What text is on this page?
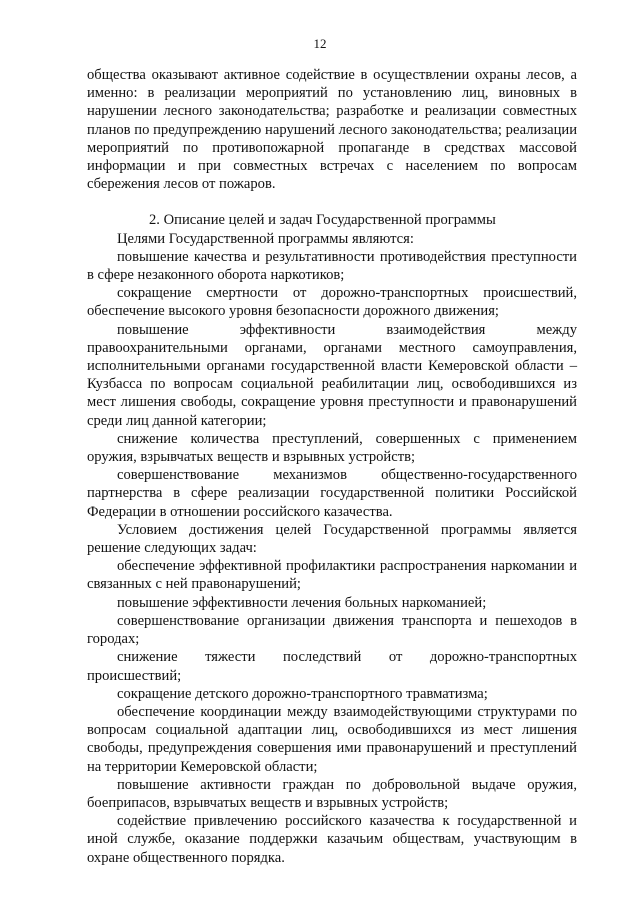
12

общества оказывают активное содействие в осуществлении охраны лесов, а именно: в реализации мероприятий по установлению лиц, виновных в нарушении лесного законодательства; разработке и реализации совместных планов по предупреждению нарушений лесного законодательства; реализации мероприятий по противопожарной пропаганде в средствах массовой информации и при совместных встречах с населением по вопросам сбережения лесов от пожаров.

2. Описание целей и задач Государственной программы

Целями Государственной программы являются:

повышение качества и результативности противодействия преступности в сфере незаконного оборота наркотиков;

сокращение смертности от дорожно-транспортных происшествий, обеспечение высокого уровня безопасности дорожного движения;

повышение эффективности взаимодействия между правоохранительными органами, органами местного самоуправления, исполнительными органами государственной власти Кемеровской области – Кузбасса по вопросам социальной реабилитации лиц, освободившихся из мест лишения свободы, сокращение уровня преступности и правонарушений среди лиц данной категории;

снижение количества преступлений, совершенных с применением оружия, взрывчатых веществ и взрывных устройств;

совершенствование механизмов общественно-государственного партнерства в сфере реализации государственной политики Российской Федерации в отношении российского казачества.

Условием достижения целей Государственной программы является решение следующих задач:

обеспечение эффективной профилактики распространения наркомании и связанных с ней правонарушений;

повышение эффективности лечения больных наркоманией;

совершенствование организации движения транспорта и пешеходов в городах;

снижение тяжести последствий от дорожно-транспортных происшествий;

сокращение детского дорожно-транспортного травматизма;

обеспечение координации между взаимодействующими структурами по вопросам социальной адаптации лиц, освободившихся из мест лишения свободы, предупреждения совершения ими правонарушений и преступлений на территории Кемеровской области;

повышение активности граждан по добровольной выдаче оружия, боеприпасов, взрывчатых веществ и взрывных устройств;

содействие привлечению российского казачества к государственной и иной службе, оказание поддержки казачьим обществам, участвующим в охране общественного порядка.
